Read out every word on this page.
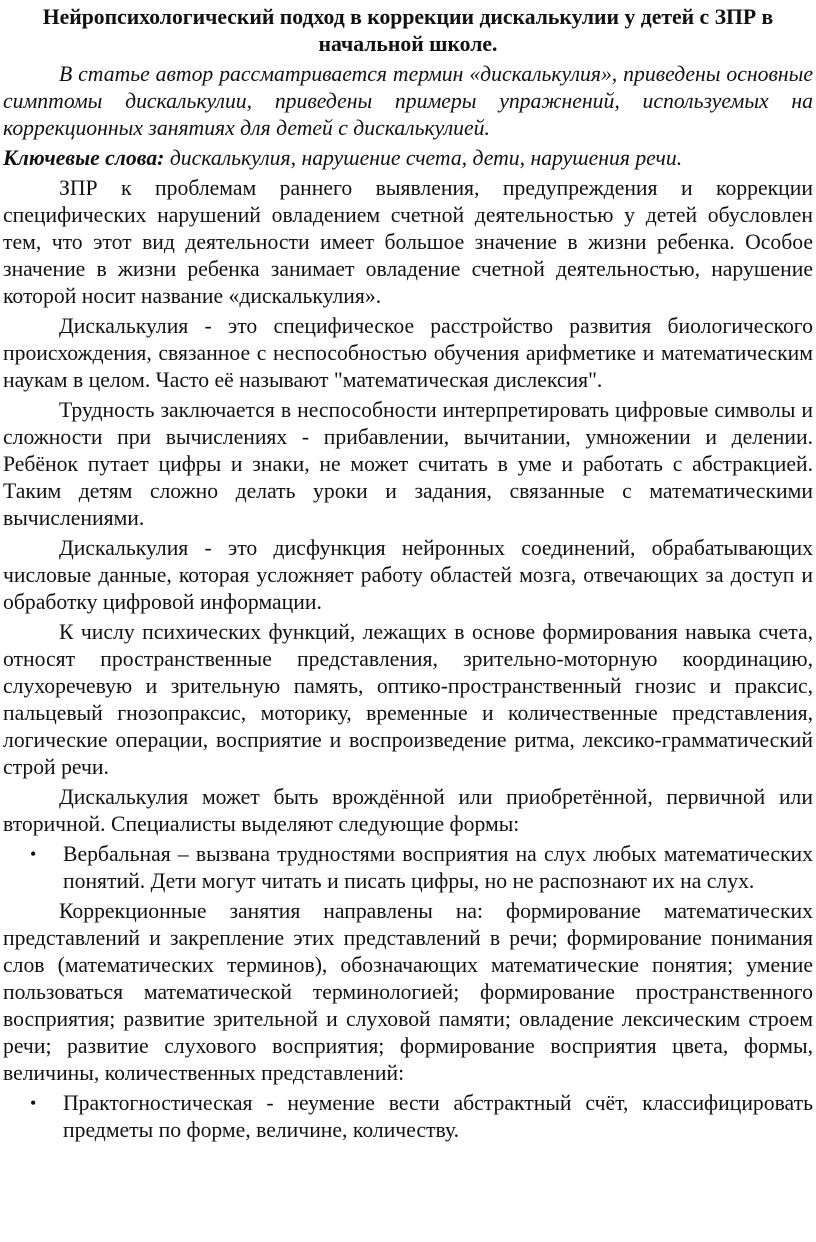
Нейропсихологический подход в коррекции дискалькулии у детей с ЗПР в начальной школе.

В статье автор рассматривается термин «дискалькулия», приведены основные симптомы дискалькулии, приведены примеры упражнений, используемых на коррекционных занятиях для детей с дискалькулией.

Ключевые слова: дискалькулия, нарушение счета, дети, нарушения речи.

ЗПР к проблемам раннего выявления, предупреждения и коррекции специфических нарушений овладением счетной деятельностью у детей обусловлен тем, что этот вид деятельности имеет большое значение в жизни ребенка. Особое значение в жизни ребенка занимает овладение счетной деятельностью, нарушение которой носит название «дискалькулия».

Дискалькулия - это специфическое расстройство развития биологического происхождения, связанное с неспособностью обучения арифметике и математическим наукам в целом. Часто её называют "математическая дислексия".

Трудность заключается в неспособности интерпретировать цифровые символы и сложности при вычислениях - прибавлении, вычитании, умножении и делении. Ребёнок путает цифры и знаки, не может считать в уме и работать с абстракцией. Таким детям сложно делать уроки и задания, связанные с математическими вычислениями.

Дискалькулия - это дисфункция нейронных соединений, обрабатывающих числовые данные, которая усложняет работу областей мозга, отвечающих за доступ и обработку цифровой информации.

К числу психических функций, лежащих в основе формирования навыка счета, относят пространственные представления, зрительно-моторную координацию, слухоречевую и зрительную память, оптико-пространственный гнозис и праксис, пальцевый гнозопраксис, моторику, временные и количественные представления, логические операции, восприятие и воспроизведение ритма, лексико-грамматический строй речи.

Дискалькулия может быть врождённой или приобретённой, первичной или вторичной. Специалисты выделяют следующие формы:

• Вербальная – вызвана трудностями восприятия на слух любых математических понятий. Дети могут читать и писать цифры, но не распознают их на слух.

Коррекционные занятия направлены на: формирование математических представлений и закрепление этих представлений в речи; формирование понимания слов (математических терминов), обозначающих математические понятия; умение пользоваться математической терминологией; формирование пространственного восприятия; развитие зрительной и слуховой памяти; овладение лексическим строем речи; развитие слухового восприятия; формирование восприятия цвета, формы, величины, количественных представлений:

• Практогностическая - неумение вести абстрактный счёт, классифицировать предметы по форме, величине, количеству.
